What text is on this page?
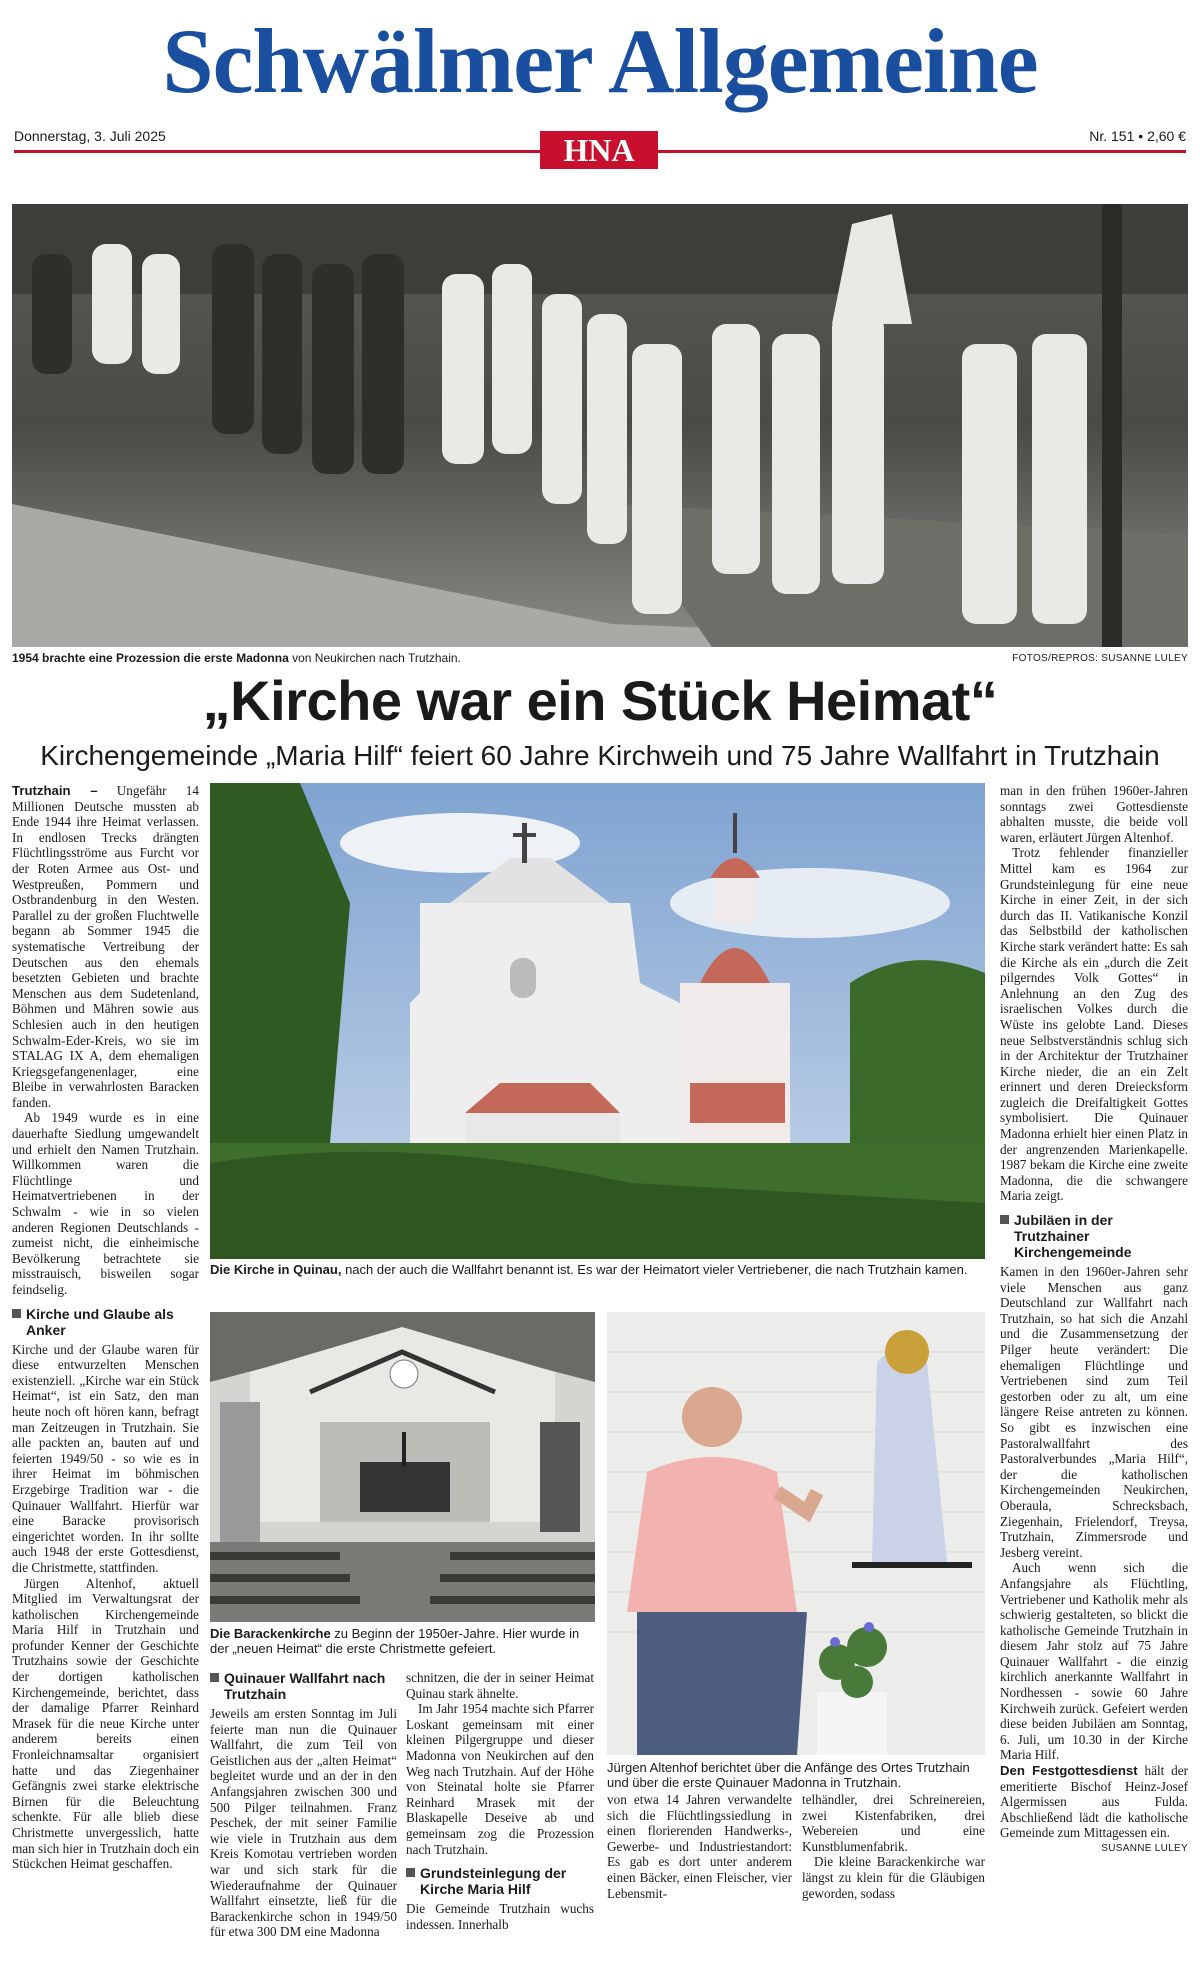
Schwälmer Allgemeine
Donnerstag, 3. Juli 2025	Nr. 151 • 2,60 €
HNA
1954 brachte eine Prozession die erste Madonna von Neukirchen nach Trutzhain.	FOTOS/REPROS: SUSANNE LULEY
„Kirche war ein Stück Heimat“
Kirchengemeinde „Maria Hilf“ feiert 60 Jahre Kirchweih und 75 Jahre Wallfahrt in Trutzhain
Die Kirche in Quinau, nach der auch die Wallfahrt benannt ist. Es war der Heimatort vieler Vertriebener, die nach Trutzhain kamen.
Die Barackenkirche zu Beginn der 1950er-Jahre. Hier wurde in der „neuen Heimat“ die erste Christmette gefeiert.
Jürgen Altenhof berichtet über die Anfänge des Ortes Trutzhain und über die erste Quinauer Madonna in Trutzhain.

Trutzhain – Ungefähr 14 Millionen Deutsche mussten ab Ende 1944 ihre Heimat verlassen. In endlosen Trecks drängten Flüchtlingsströme aus Furcht vor der Roten Armee aus Ost- und Westpreußen, Pommern und Ostbrandenburg in den Westen. Parallel zu der großen Fluchtwelle begann ab Sommer 1945 die systematische Vertreibung der Deutschen aus den ehemals besetzten Gebieten und brachte Menschen aus dem Sudetenland, Böhmen und Mähren sowie aus Schlesien auch in den heutigen Schwalm-Eder-Kreis, wo sie im STALAG IX A, dem ehemaligen Kriegsgefangenenlager, eine Bleibe in verwahrlosten Baracken fanden.

Ab 1949 wurde es in eine dauerhafte Siedlung umgewandelt und erhielt den Namen Trutzhain. Willkommen waren die Flüchtlinge und Heimatvertriebenen in der Schwalm - wie in so vielen anderen Regionen Deutschlands - zumeist nicht, die einheimische Bevölkerung betrachtete sie misstrauisch, bisweilen sogar feindselig.

Kirche und Glaube als Anker

Kirche und der Glaube waren für diese entwurzelten Menschen existenziell. „Kirche war ein Stück Heimat“, ist ein Satz, den man heute noch oft hören kann, befragt man Zeitzeugen in Trutzhain. Sie alle packten an, bauten auf und feierten 1949/50 - so wie es in ihrer Heimat im böhmischen Erzgebirge Tradition war - die Quinauer Wallfahrt. Hierfür war eine Baracke provisorisch eingerichtet worden. In ihr sollte auch 1948 der erste Gottesdienst, die Christmette, stattfinden.

Jürgen Altenhof, aktuell Mitglied im Verwaltungsrat der katholischen Kirchengemeinde Maria Hilf in Trutzhain und profunder Kenner der Geschichte Trutzhains sowie der Geschichte der dortigen katholischen Kirchengemeinde, berichtet, dass der damalige Pfarrer Reinhard Mrasek für die neue Kirche unter anderem bereits einen Fronleichnamsaltar organisiert hatte und das Ziegenhainer Gefängnis zwei starke elektrische Birnen für die Beleuchtung schenkte. Für alle blieb diese Christmette unvergesslich, hatte man sich hier in Trutzhain doch ein Stückchen Heimat geschaffen.

Quinauer Wallfahrt nach Trutzhain

Jeweils am ersten Sonntag im Juli feierte man nun die Quinauer Wallfahrt, die zum Teil von Geistlichen aus der „alten Heimat“ begleitet wurde und an der in den Anfangsjahren zwischen 300 und 500 Pilger teilnahmen. Franz Peschek, der mit seiner Familie wie viele in Trutzhain aus dem Kreis Komotau vertrieben worden war und sich stark für die Wiederaufnahme der Quinauer Wallfahrt einsetzte, ließ für die Barackenkirche schon in 1949/50 für etwa 300 DM eine Madonna

schnitzen, die der in seiner Heimat Quinau stark ähnelte.

Im Jahr 1954 machte sich Pfarrer Loskant gemeinsam mit einer kleinen Pilgergruppe und dieser Madonna von Neukirchen auf den Weg nach Trutzhain. Auf der Höhe von Steinatal holte sie Pfarrer Reinhard Mrasek mit der Blaskapelle Deseive ab und gemeinsam zog die Prozession nach Trutzhain.

Grundsteinlegung der Kirche Maria Hilf

Die Gemeinde Trutzhain wuchs indessen. Innerhalb

von etwa 14 Jahren verwandelte sich die Flüchtlingssiedlung in einen florierenden Handwerks-, Gewerbe- und Industriestandort: Es gab es dort unter anderem einen Bäcker, einen Fleischer, vier Lebensmit-

telhändler, drei Schreinereien, zwei Kistenfabriken, drei Webereien und eine Kunstblumenfabrik.

Die kleine Barackenkirche war längst zu klein für die Gläubigen geworden, sodass

man in den frühen 1960er-Jahren sonntags zwei Gottesdienste abhalten musste, die beide voll waren, erläutert Jürgen Altenhof.

Trotz fehlender finanzieller Mittel kam es 1964 zur Grundsteinlegung für eine neue Kirche in einer Zeit, in der sich durch das II. Vatikanische Konzil das Selbstbild der katholischen Kirche stark verändert hatte: Es sah die Kirche als ein „durch die Zeit pilgerndes Volk Gottes“ in Anlehnung an den Zug des israelischen Volkes durch die Wüste ins gelobte Land. Dieses neue Selbstverständnis schlug sich in der Architektur der Trutzhainer Kirche nieder, die an ein Zelt erinnert und deren Dreiecksform zugleich die Dreifaltigkeit Gottes symbolisiert. Die Quinauer Madonna erhielt hier einen Platz in der angrenzenden Marienkapelle. 1987 bekam die Kirche eine zweite Madonna, die die schwangere Maria zeigt.

Jubiläen in der Trutzhainer Kirchengemeinde

Kamen in den 1960er-Jahren sehr viele Menschen aus ganz Deutschland zur Wallfahrt nach Trutzhain, so hat sich die Anzahl und die Zusammensetzung der Pilger heute verändert: Die ehemaligen Flüchtlinge und Vertriebenen sind zum Teil gestorben oder zu alt, um eine längere Reise antreten zu können. So gibt es inzwischen eine Pastoralwallfahrt des Pastoralverbundes „Maria Hilf“, der die katholischen Kirchengemeinden Neukirchen, Oberaula, Schrecksbach, Ziegenhain, Frielendorf, Treysa, Trutzhain, Zimmersrode und Jesberg vereint.

Auch wenn sich die Anfangsjahre als Flüchtling, Vertriebener und Katholik mehr als schwierig gestalteten, so blickt die katholische Gemeinde Trutzhain in diesem Jahr stolz auf 75 Jahre Quinauer Wallfahrt - die einzig kirchlich anerkannte Wallfahrt in Nordhessen - sowie 60 Jahre Kirchweih zurück. Gefeiert werden diese beiden Jubiläen am Sonntag, 6. Juli, um 10.30 in der Kirche Maria Hilf.

Den Festgottesdienst hält der emeritierte Bischof Heinz-Josef Algermissen aus Fulda. Abschließend lädt die katholische Gemeinde zum Mittagessen ein.
SUSANNE LULEY
